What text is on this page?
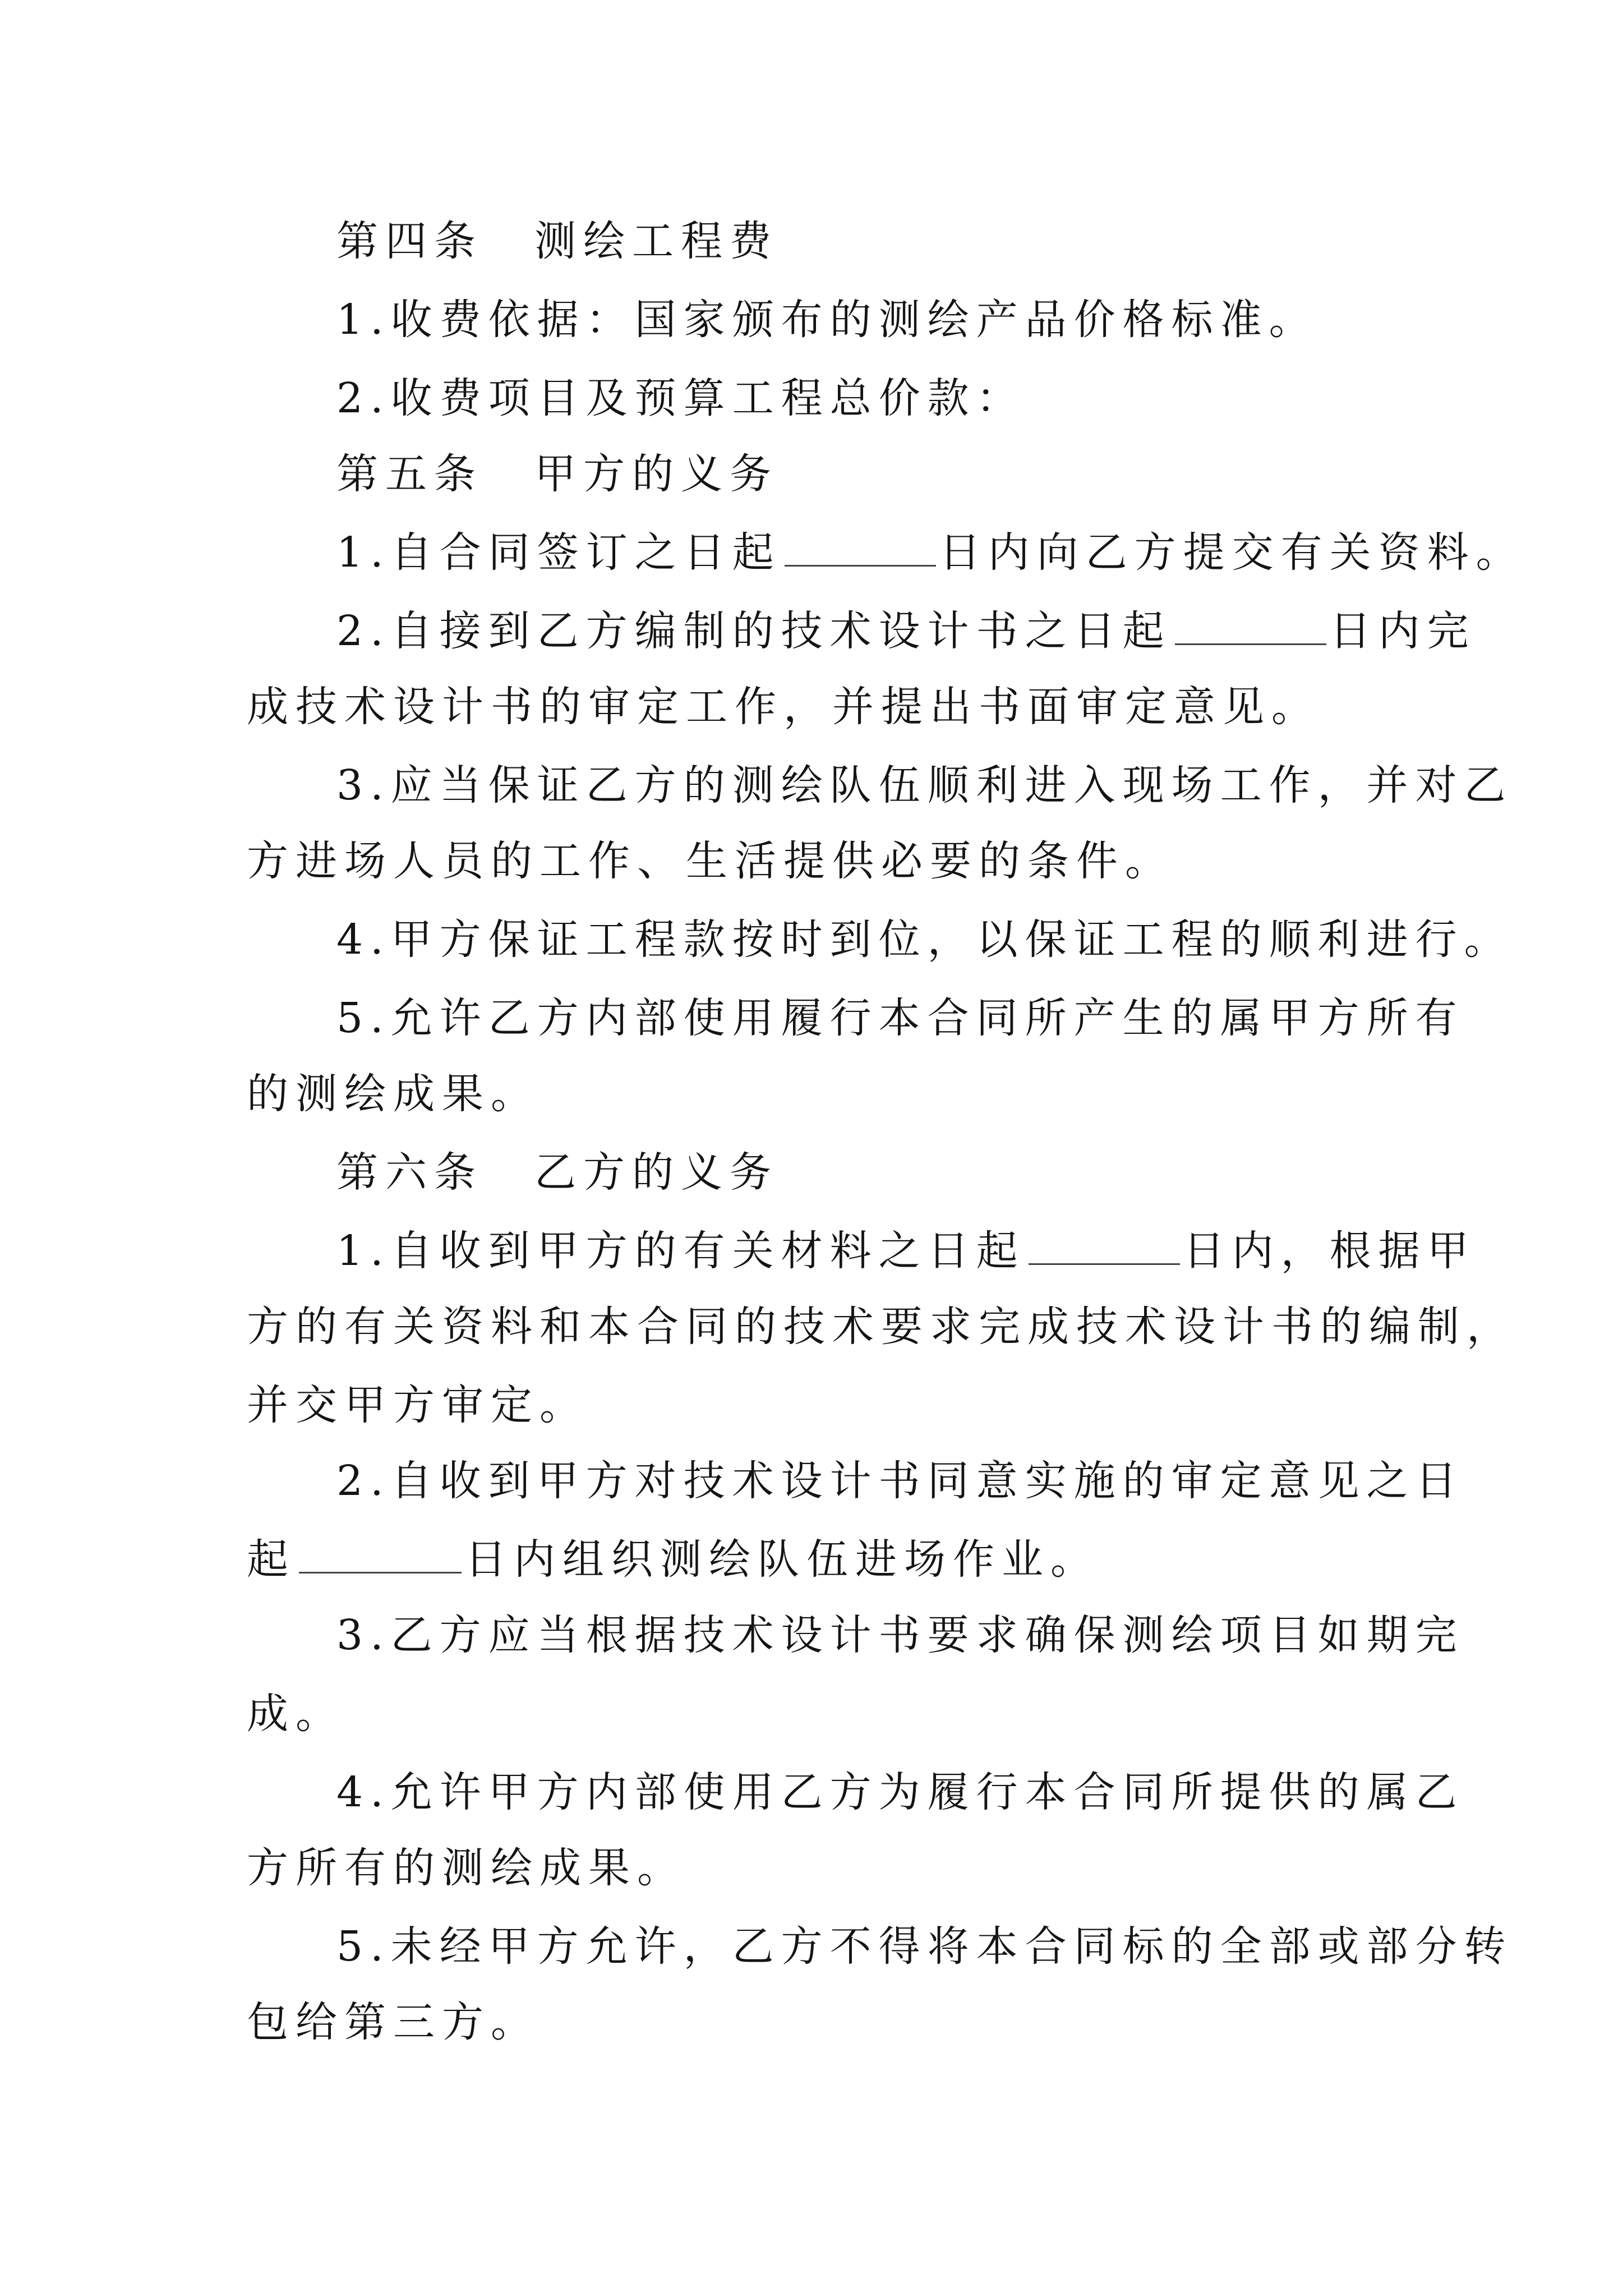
第四条 测绘工程费
1.收费依据：国家颁布的测绘产品价格标准。
2.收费项目及预算工程总价款：
第五条 甲方的义务
1.自合同签订之日起	日内向乙方提交有关资料。
2.自接到乙方编制的技术设计书之日起	日内完
成技术设计书的审定工作，并提出书面审定意见。
3.应当保证乙方的测绘队伍顺利进入现场工作，并对乙
方进场人员的工作、生活提供必要的条件。
4.甲方保证工程款按时到位，以保证工程的顺利进行。
5.允许乙方内部使用履行本合同所产生的属甲方所有
的测绘成果。
第六条 乙方的义务
1.自收到甲方的有关材料之日起	日内，根据甲
方的有关资料和本合同的技术要求完成技术设计书的编制，
并交甲方审定。
2.自收到甲方对技术设计书同意实施的审定意见之日
起	日内组织测绘队伍进场作业。
3.乙方应当根据技术设计书要求确保测绘项目如期完
成。
4.允许甲方内部使用乙方为履行本合同所提供的属乙
方所有的测绘成果。
5.未经甲方允许，乙方不得将本合同标的全部或部分转
包给第三方。
